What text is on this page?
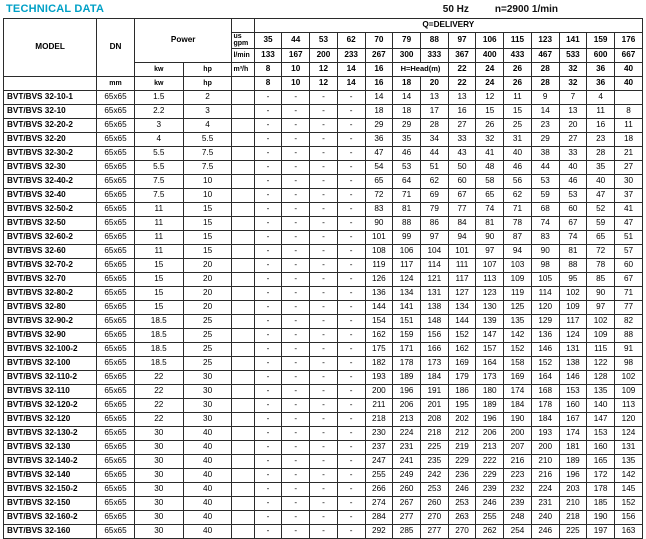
TECHNICAL DATA	50 Hz	n=2900 1/min
MODEL	DN	Power			Q=DELIVERY													
				us gpm	35	44	53	62	70	79	88	97	106	115	123	141	159	176
				l/min	133	167	200	233	267	300	333	367	400	433	467	533	600	667
		kw	hp	m³/h	8	10	12	14	16	H=Head(m)		22	24	26	28	32	36	40
	mm	kw	hp		8	10	12	14	16	18	20	22	24	26	28	32	36	40
BVT/BVS 32-10-1	65x65	1.5	2		-	-	-	-	14	14	13	13	12	11	9	7	4	
BVT/BVS 32-10	65x65	2.2	3		-	-	-	-	18	18	17	16	15	15	14	13	11	8
BVT/BVS 32-20-2	65x65	3	4		-	-	-	-	29	29	28	27	26	25	23	20	16	11
BVT/BVS 32-20	65x65	4	5.5		-	-	-	-	36	35	34	33	32	31	29	27	23	18
BVT/BVS 32-30-2	65x65	5.5	7.5		-	-	-	-	47	46	44	43	41	40	38	33	28	21
BVT/BVS 32-30	65x65	5.5	7.5		-	-	-	-	54	53	51	50	48	46	44	40	35	27
BVT/BVS 32-40-2	65x65	7.5	10		-	-	-	-	65	64	62	60	58	56	53	46	40	30
BVT/BVS 32-40	65x65	7.5	10		-	-	-	-	72	71	69	67	65	62	59	53	47	37
BVT/BVS 32-50-2	65x65	11	15		-	-	-	-	83	81	79	77	74	71	68	60	52	41
BVT/BVS 32-50	65x65	11	15		-	-	-	-	90	88	86	84	81	78	74	67	59	47
BVT/BVS 32-60-2	65x65	11	15		-	-	-	-	101	99	97	94	90	87	83	74	65	51
BVT/BVS 32-60	65x65	11	15		-	-	-	-	108	106	104	101	97	94	90	81	72	57
BVT/BVS 32-70-2	65x65	15	20		-	-	-	-	119	117	114	111	107	103	98	88	78	60
BVT/BVS 32-70	65x65	15	20		-	-	-	-	126	124	121	117	113	109	105	95	85	67
BVT/BVS 32-80-2	65x65	15	20		-	-	-	-	136	134	131	127	123	119	114	102	90	71
BVT/BVS 32-80	65x65	15	20		-	-	-	-	144	141	138	134	130	125	120	109	97	77
BVT/BVS 32-90-2	65x65	18.5	25		-	-	-	-	154	151	148	144	139	135	129	117	102	82
BVT/BVS 32-90	65x65	18.5	25		-	-	-	-	162	159	156	152	147	142	136	124	109	88
BVT/BVS 32-100-2	65x65	18.5	25		-	-	-	-	175	171	166	162	157	152	146	131	115	91
BVT/BVS 32-100	65x65	18.5	25		-	-	-	-	182	178	173	169	164	158	152	138	122	98
BVT/BVS 32-110-2	65x65	22	30		-	-	-	-	193	189	184	179	173	169	164	146	128	102
BVT/BVS 32-110	65x65	22	30		-	-	-	-	200	196	191	186	180	174	168	153	135	109
BVT/BVS 32-120-2	65x65	22	30		-	-	-	-	211	206	201	195	189	184	178	160	140	113
BVT/BVS 32-120	65x65	22	30		-	-	-	-	218	213	208	202	196	190	184	167	147	120
BVT/BVS 32-130-2	65x65	30	40		-	-	-	-	230	224	218	212	206	200	193	174	153	124
BVT/BVS 32-130	65x65	30	40		-	-	-	-	237	231	225	219	213	207	200	181	160	131
BVT/BVS 32-140-2	65x65	30	40		-	-	-	-	247	241	235	229	222	216	210	189	165	135
BVT/BVS 32-140	65x65	30	40		-	-	-	-	255	249	242	236	229	223	216	196	172	142
BVT/BVS 32-150-2	65x65	30	40		-	-	-	-	266	260	253	246	239	232	224	203	178	145
BVT/BVS 32-150	65x65	30	40		-	-	-	-	274	267	260	253	246	239	231	210	185	152
BVT/BVS 32-160-2	65x65	30	40		-	-	-	-	284	277	270	263	255	248	240	218	190	156
BVT/BVS 32-160	65x65	30	40		-	-	-	-	292	285	277	270	262	254	246	225	197	163
